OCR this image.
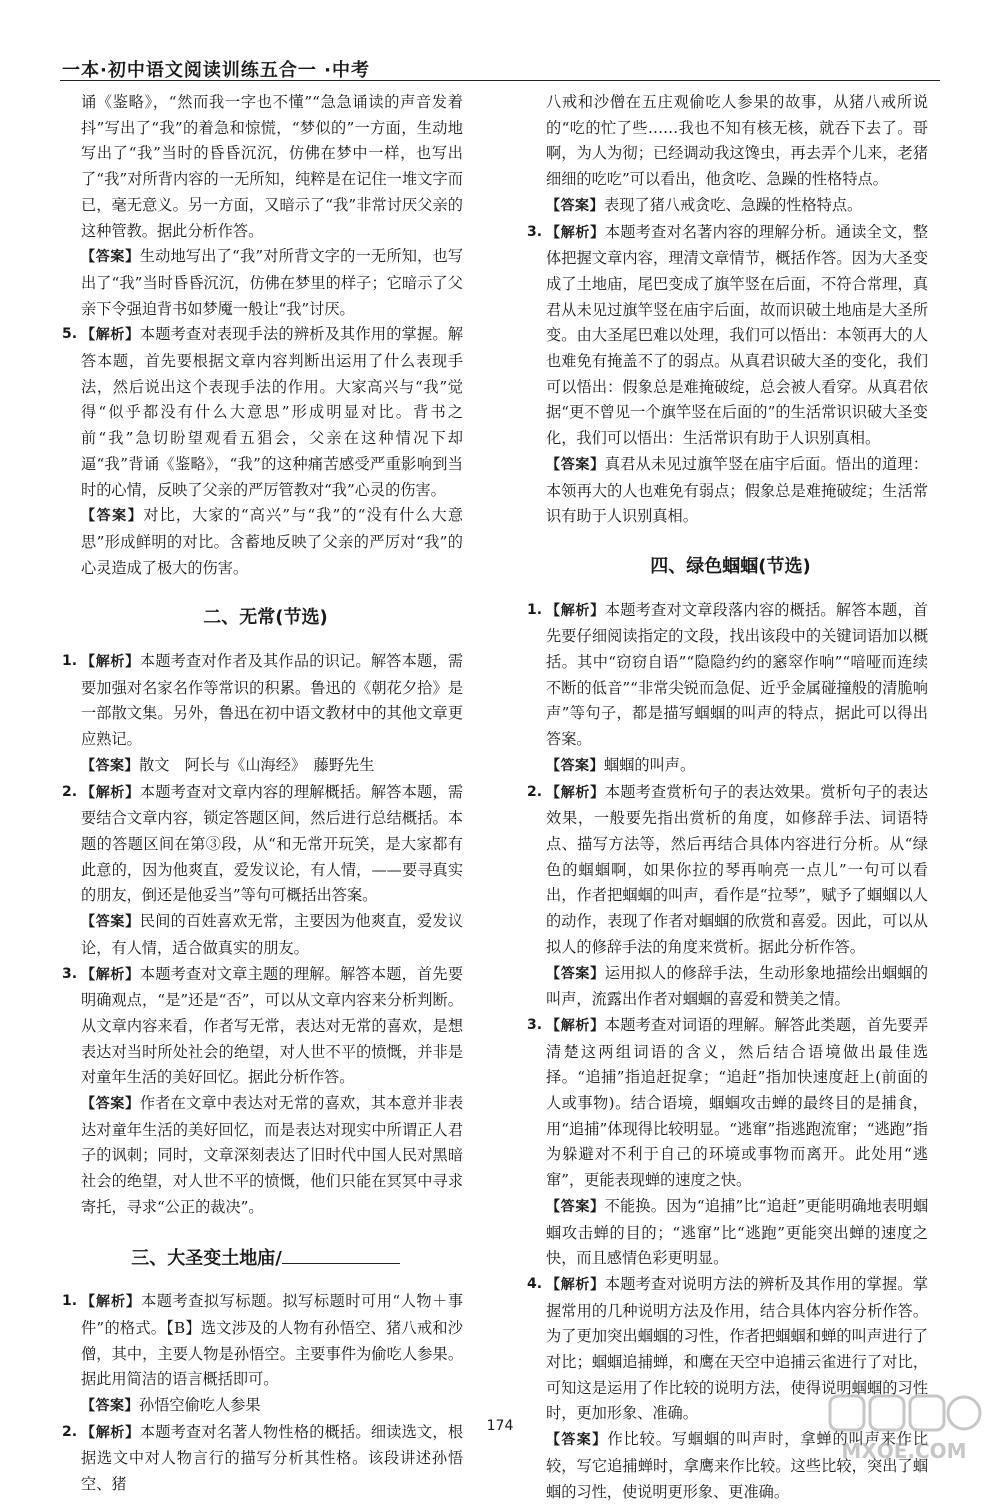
一本·初中语文阅读训练五合一 ·中考

诵《鉴略》，“然而我一字也不懂”“急急诵读的声音发着抖”写出了“我”的着急和惊慌，“梦似的”一方面，生动地写出了“我”当时的昏昏沉沉，仿佛在梦中一样，也写出了“我”对所背内容的一无所知，纯粹是在记住一堆文字而已，毫无意义。另一方面，又暗示了“我”非常讨厌父亲的这种管教。据此分析作答。

【答案】生动地写出了“我”对所背文字的一无所知，也写出了“我”当时昏昏沉沉，仿佛在梦里的样子；它暗示了父亲下令强迫背书如梦魇一般让“我”讨厌。

5. 【解析】本题考查对表现手法的辨析及其作用的掌握。解答本题，首先要根据文章内容判断出运用了什么表现手法，然后说出这个表现手法的作用。大家高兴与“我”觉得“似乎都没有什么大意思”形成明显对比。背书之前“我”急切盼望观看五猖会，父亲在这种情况下却逼“我”背诵《鉴略》，“我”的这种痛苦感受严重影响到当时的心情，反映了父亲的严厉管教对“我”心灵的伤害。

【答案】对比，大家的“高兴”与“我”的“没有什么大意思”形成鲜明的对比。含蓄地反映了父亲的严厉对“我”的心灵造成了极大的伤害。

二、无常(节选)

1. 【解析】本题考查对作者及其作品的识记。解答本题，需要加强对名家名作等常识的积累。鲁迅的《朝花夕拾》是一部散文集。另外，鲁迅在初中语文教材中的其他文章更应熟记。

【答案】散文　阿长与《山海经》　藤野先生

2. 【解析】本题考查对文章内容的理解概括。解答本题，需要结合文章内容，锁定答题区间，然后进行总结概括。本题的答题区间在第③段，从“和无常开玩笑，是大家都有此意的，因为他爽直，爱发议论，有人情，——要寻真实的朋友，倒还是他妥当”等句可概括出答案。

【答案】民间的百姓喜欢无常，主要因为他爽直，爱发议论，有人情，适合做真实的朋友。

3. 【解析】本题考查对文章主题的理解。解答本题，首先要明确观点，“是”还是“否”，可以从文章内容来分析判断。从文章内容来看，作者写无常，表达对无常的喜欢，是想表达对当时所处社会的绝望，对人世不平的愤慨，并非是对童年生活的美好回忆。据此分析作答。

【答案】作者在文章中表达对无常的喜欢，其本意并非表达对童年生活的美好回忆，而是表达对现实中所谓正人君子的讽刺；同时，文章深刻表达了旧时代中国人民对黑暗社会的绝望，对人世不平的愤慨，他们只能在冥冥中寻求寄托，寻求“公正的裁决”。

三、大圣变土地庙/

1. 【解析】本题考查拟写标题。拟写标题时可用“人物＋事件”的格式。【B】选文涉及的人物有孙悟空、猪八戒和沙僧，其中，主要人物是孙悟空。主要事件为偷吃人参果。据此用简洁的语言概括即可。

【答案】孙悟空偷吃人参果

2. 【解析】本题考查对名著人物性格的概括。细读选文，根据选文中对人物言行的描写分析其性格。该段讲述孙悟空、猪

八戒和沙僧在五庄观偷吃人参果的故事，从猪八戒所说的“吃的忙了些……我也不知有核无核，就吞下去了。哥啊，为人为彻；已经调动我这馋虫，再去弄个儿来，老猪细细的吃吃”可以看出，他贪吃、急躁的性格特点。

【答案】表现了猪八戒贪吃、急躁的性格特点。

3. 【解析】本题考查对名著内容的理解分析。通读全文，整体把握文章内容，理清文章情节，概括作答。因为大圣变成了土地庙，尾巴变成了旗竿竖在后面，不符合常理，真君从未见过旗竿竖在庙宇后面，故而识破土地庙是大圣所变。由大圣尾巴难以处理，我们可以悟出：本领再大的人也难免有掩盖不了的弱点。从真君识破大圣的变化，我们可以悟出：假象总是难掩破绽，总会被人看穿。从真君依据“更不曾见一个旗竿竖在后面的”的生活常识识破大圣变化，我们可以悟出：生活常识有助于人识别真相。

【答案】真君从未见过旗竿竖在庙宇后面。悟出的道理：本领再大的人也难免有弱点；假象总是难掩破绽；生活常识有助于人识别真相。

四、绿色蝈蝈(节选)

1. 【解析】本题考查对文章段落内容的概括。解答本题，首先要仔细阅读指定的文段，找出该段中的关键词语加以概括。其中“窃窃自语”“隐隐约约的窸窣作响”“喑哑而连续不断的低音”“非常尖锐而急促、近乎金属碰撞般的清脆响声”等句子，都是描写蝈蝈的叫声的特点，据此可以得出答案。

【答案】蝈蝈的叫声。

2. 【解析】本题考查赏析句子的表达效果。赏析句子的表达效果，一般要先指出赏析的角度，如修辞手法、词语特点、描写方法等，然后再结合具体内容进行分析。从“绿色的蝈蝈啊，如果你拉的琴再响亮一点儿”一句可以看出，作者把蝈蝈的叫声，看作是“拉琴”，赋予了蝈蝈以人的动作，表现了作者对蝈蝈的欣赏和喜爱。因此，可以从拟人的修辞手法的角度来赏析。据此分析作答。

【答案】运用拟人的修辞手法，生动形象地描绘出蝈蝈的叫声，流露出作者对蝈蝈的喜爱和赞美之情。

3. 【解析】本题考查对词语的理解。解答此类题，首先要弄清楚这两组词语的含义，然后结合语境做出最佳选择。“追捕”指追赶捉拿；“追赶”指加快速度赶上(前面的人或事物)。结合语境，蝈蝈攻击蝉的最终目的是捕食，用“追捕”体现得比较明显。“逃窜”指逃跑流窜；“逃跑”指为躲避对不利于自己的环境或事物而离开。此处用“逃窜”，更能表现蝉的速度之快。

【答案】不能换。因为“追捕”比“追赶”更能明确地表明蝈蝈攻击蝉的目的；“逃窜”比“逃跑”更能突出蝉的速度之快，而且感情色彩更明显。

4. 【解析】本题考查对说明方法的辨析及其作用的掌握。掌握常用的几种说明方法及作用，结合具体内容分析作答。为了更加突出蝈蝈的习性，作者把蝈蝈和蝉的叫声进行了对比；蝈蝈追捕蝉，和鹰在天空中追捕云雀进行了对比，可知这是运用了作比较的说明方法，使得说明蝈蝈的习性时，更加形象、准确。

【答案】作比较。写蝈蝈的叫声时，拿蝉的叫声来作比较，写它追捕蝉时，拿鹰来作比较。这些比较，突出了蝈蝈的习性，使说明更形象、更准确。

174
MXQE.COM
